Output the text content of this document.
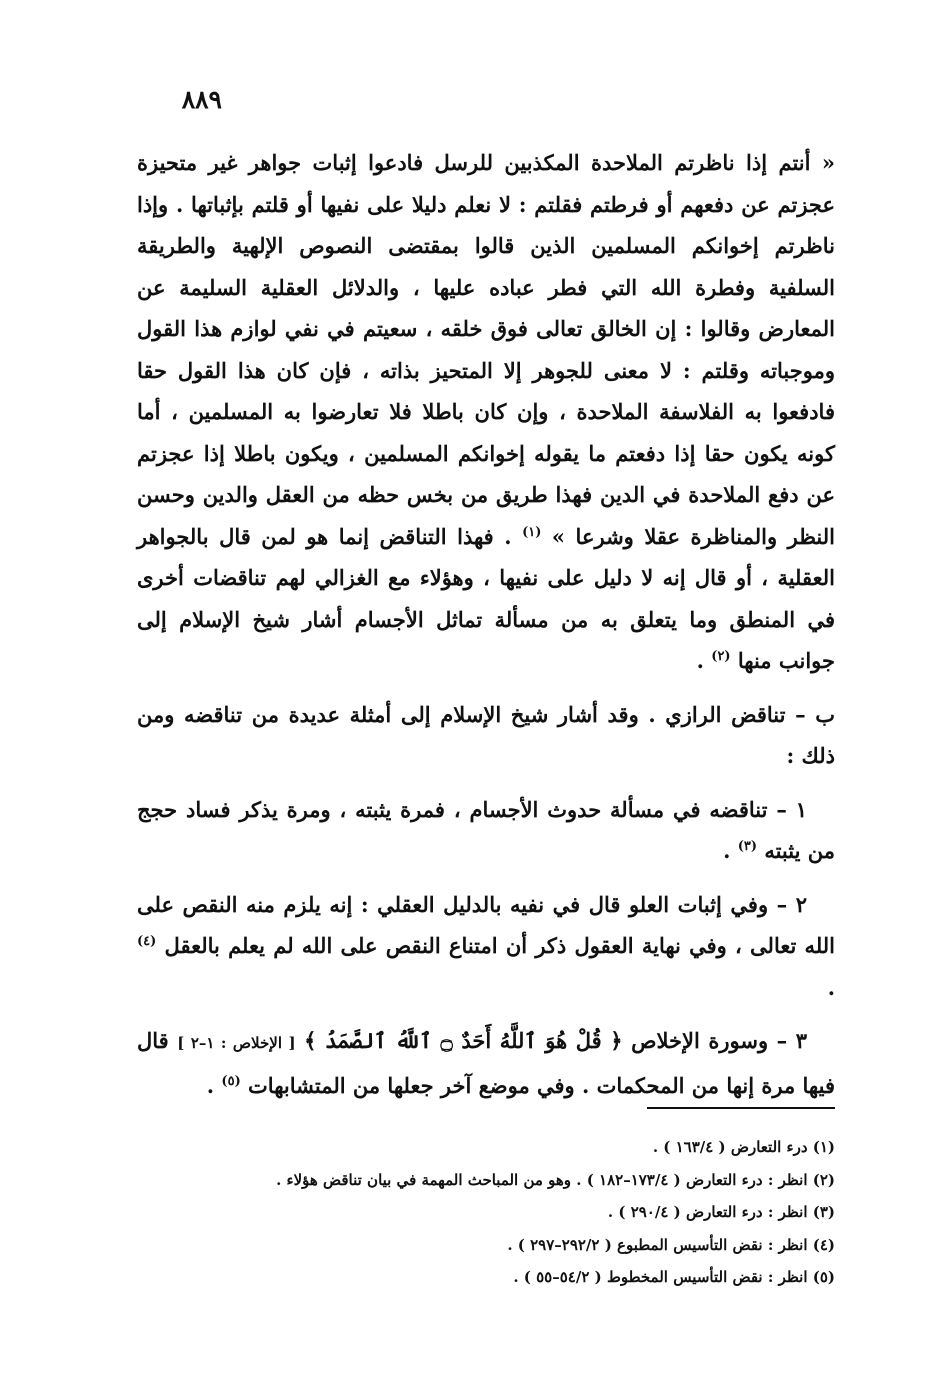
٨٨٩

« أنتم إذا ناظرتم الملاحدة المكذبين للرسل فادعوا إثبات جواهر غير متحيزة عجزتم عن دفعهم أو فرطتم فقلتم : لا نعلم دليلا على نفيها أو قلتم بإثباتها . وإذا ناظرتم إخوانكم المسلمين الذين قالوا بمقتضى النصوص الإلهية والطريقة السلفية وفطرة الله التي فطر عباده عليها ، والدلائل العقلية السليمة عن المعارض وقالوا : إن الخالق تعالى فوق خلقه ، سعيتم في نفي لوازم هذا القول وموجباته وقلتم : لا معنى للجوهر إلا المتحيز بذاته ، فإن كان هذا القول حقا فادفعوا به الفلاسفة الملاحدة ، وإن كان باطلا فلا تعارضوا به المسلمين ، أما كونه يكون حقا إذا دفعتم ما يقوله إخوانكم المسلمين ، ويكون باطلا إذا عجزتم عن دفع الملاحدة في الدين فهذا طريق من بخس حظه من العقل والدين وحسن النظر والمناظرة عقلا وشرعا » $^{(١)}$ . فهذا التناقض إنما هو لمن قال بالجواهر العقلية ، أو قال إنه لا دليل على نفيها ، وهؤلاء مع الغزالي لهم تناقضات أخرى في المنطق وما يتعلق به من مسألة تماثل الأجسام أشار شيخ الإسلام إلى جوانب منها $^{(٢)}$ .

ب – تناقض الرازي . وقد أشار شيخ الإسلام إلى أمثلة عديدة من تناقضه ومن ذلك :

١ – تناقضه في مسألة حدوث الأجسام ، فمرة يثبته ، ومرة يذكر فساد حجج من يثبته $^{(٣)}$ .

٢ – وفي إثبات العلو قال في نفيه بالدليل العقلي : إنه يلزم منه النقص على الله تعالى ، وفي نهاية العقول ذكر أن امتناع النقص على الله لم يعلم بالعقل $^{(٤)}$ .

٣ – وسورة الإخلاص ﴿ قُلْ هُوَ ٱللَّهُ أَحَدٌ ۝ ٱللَّهُ ٱلصَّمَدُ ﴾ [ الإخلاص : ١–٢ ] قال فيها مرة إنها من المحكمات . وفي موضع آخر جعلها من المتشابهات $^{(٥)}$ .

(١) درء التعارض ( ١٦٣/٤ ) .
(٢) انظر : درء التعارض ( ١٧٣/٤–١٨٢ ) . وهو من المباحث المهمة في بيان تناقض هؤلاء .
(٣) انظر : درء التعارض ( ٢٩٠/٤ ) .
(٤) انظر : نقض التأسيس المطبوع ( ٢٩٢/٢–٢٩٧ ) .
(٥) انظر : نقض التأسيس المخطوط ( ٥٤/٢–٥٥ ) .
